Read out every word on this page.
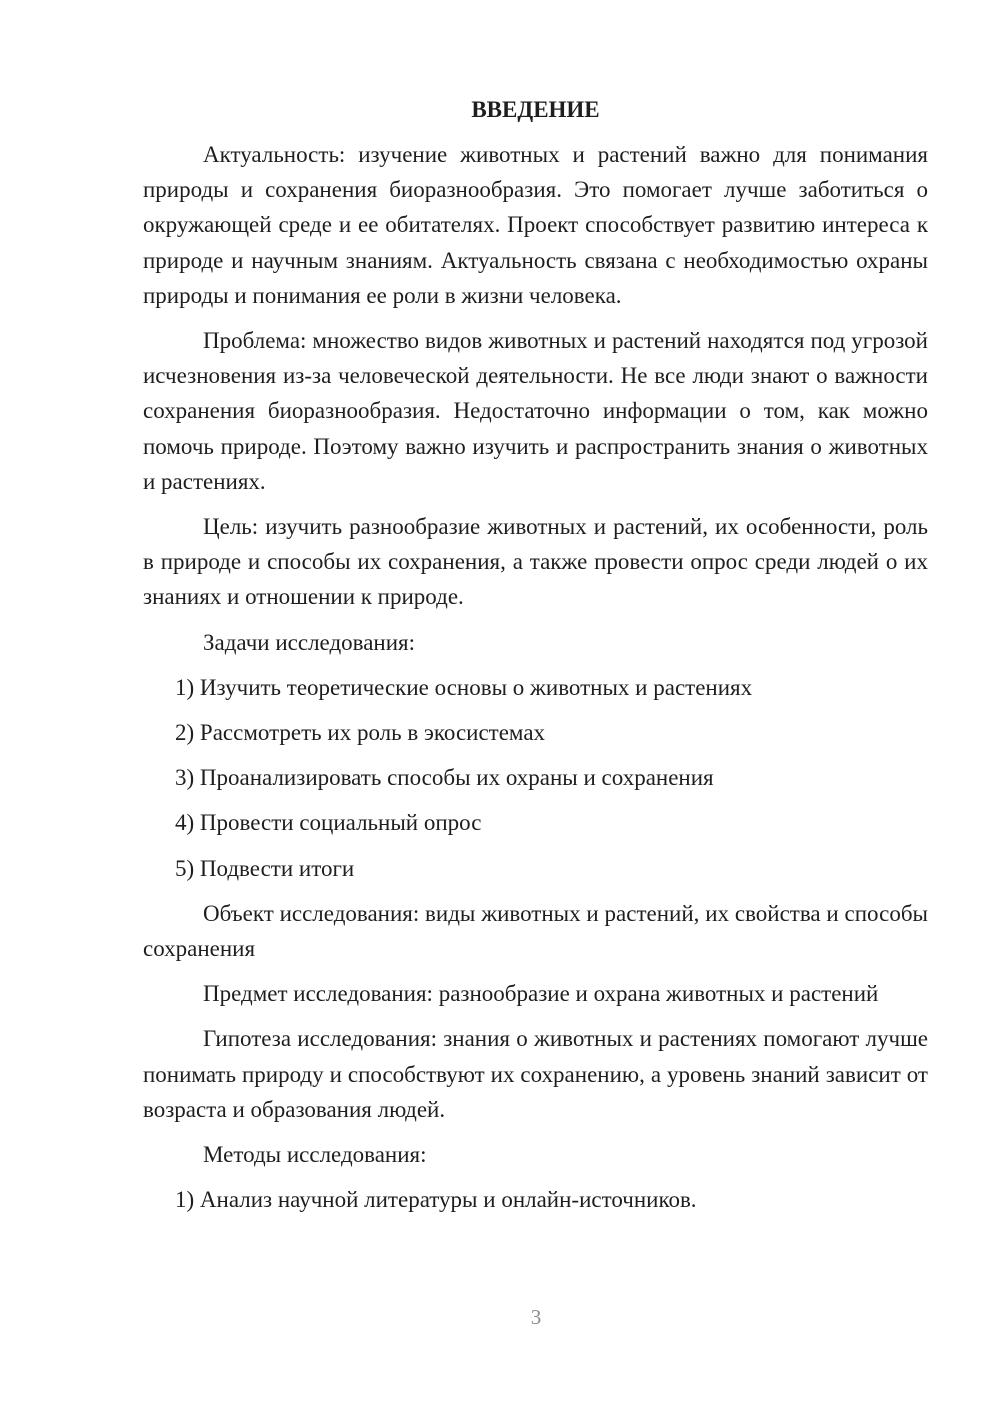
ВВЕДЕНИЕ
Актуальность: изучение животных и растений важно для понимания природы и сохранения биоразнообразия. Это помогает лучше заботиться о окружающей среде и ее обитателях. Проект способствует развитию интереса к природе и научным знаниям. Актуальность связана с необходимостью охраны природы и понимания ее роли в жизни человека.
Проблема: множество видов животных и растений находятся под угрозой исчезновения из-за человеческой деятельности. Не все люди знают о важности сохранения биоразнообразия. Недостаточно информации о том, как можно помочь природе. Поэтому важно изучить и распространить знания о животных и растениях.
Цель: изучить разнообразие животных и растений, их особенности, роль в природе и способы их сохранения, а также провести опрос среди людей о их знаниях и отношении к природе.
Задачи исследования:
1) Изучить теоретические основы о животных и растениях
2) Рассмотреть их роль в экосистемах
3) Проанализировать способы их охраны и сохранения
4) Провести социальный опрос
5) Подвести итоги
Объект исследования: виды животных и растений, их свойства и способы сохранения
Предмет исследования: разнообразие и охрана животных и растений
Гипотеза исследования: знания о животных и растениях помогают лучше понимать природу и способствуют их сохранению, а уровень знаний зависит от возраста и образования людей.
Методы исследования:
1) Анализ научной литературы и онлайн-источников.
3
